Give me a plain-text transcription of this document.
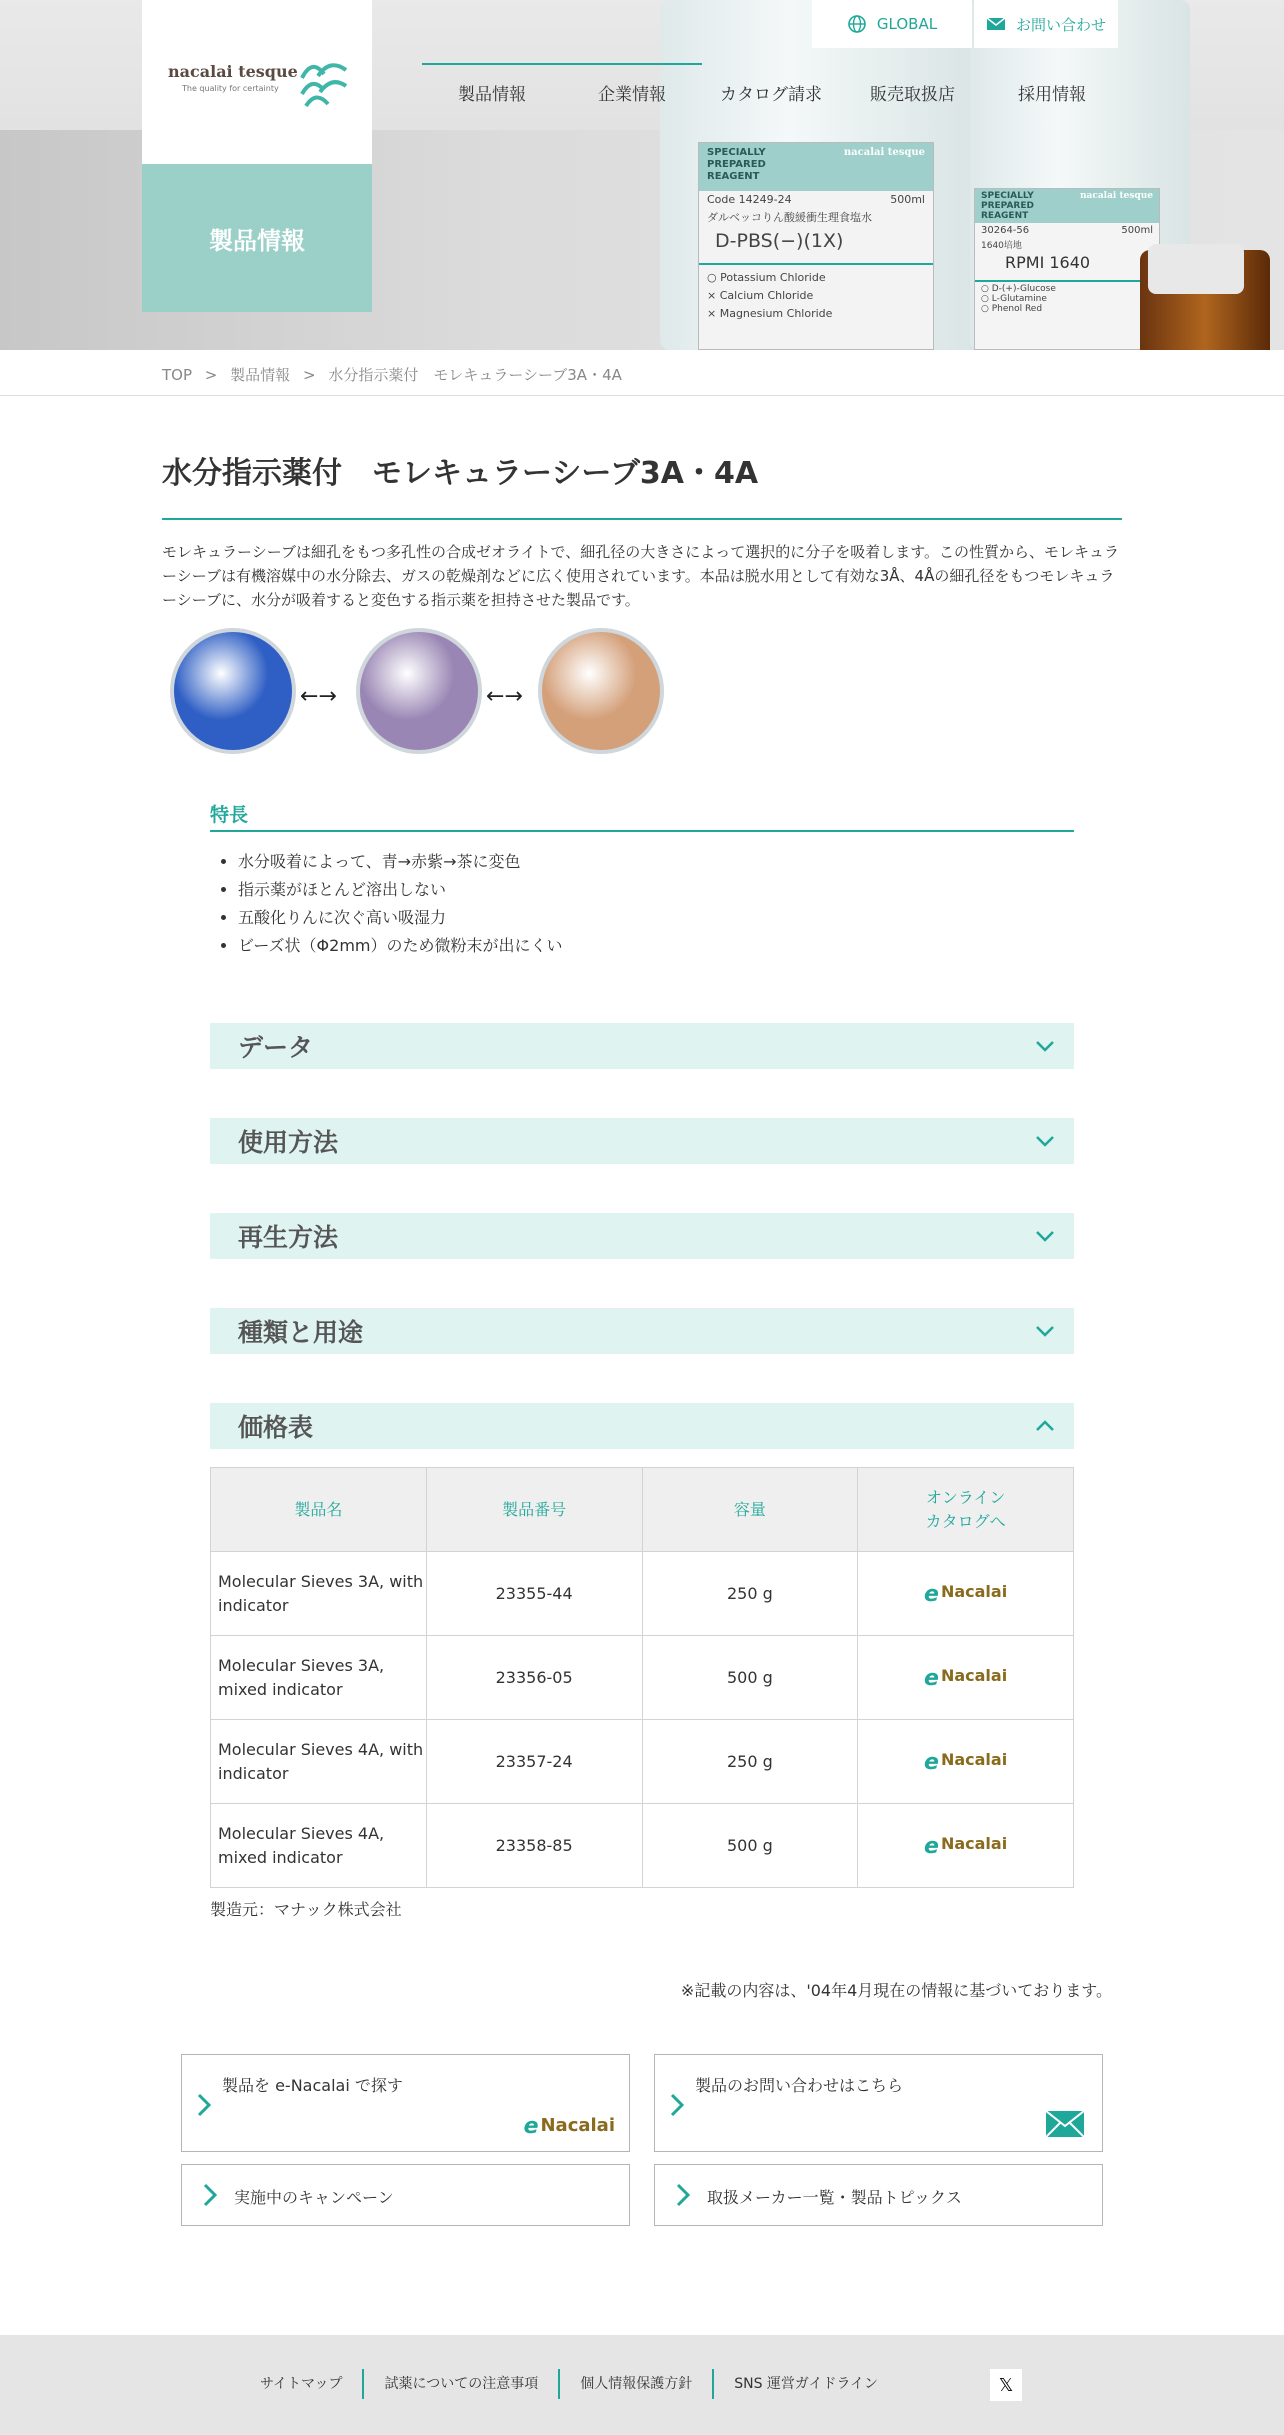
SPECIALLY
PREPARED
REAGENT
nacalai tesque
Code 14249-24	500ml
ダルベッコりん酸緩衝生理食塩水
D-PBS(−)(1X)
○ Potassium Chloride
× Calcium Chloride
× Magnesium Chloride
SPECIALLY
PREPARED
REAGENT
nacalai tesque
30264-56	500ml
1640培地
RPMI 1640
○ D-(+)-Glucose
○ L-Glutamine
○ Phenol Red
nacalai tesque
The quality for certainty
製品情報
GLOBAL	お問い合わせ
製品情報	企業情報	カタログ請求	販売取扱店	採用情報
TOP > 製品情報 > 水分指示薬付　モレキュラーシーブ3A・4A
水分指示薬付　モレキュラーシーブ3A・4A

モレキュラーシーブは細孔をもつ多孔性の合成ゼオライトで、細孔径の大きさによって選択的に分子を吸着します。この性質から、モレキュラーシーブは有機溶媒中の水分除去、ガスの乾燥剤などに広く使用されています。本品は脱水用として有効な3Å、4Åの細孔径をもつモレキュラーシーブに、水分が吸着すると変色する指示薬を担持させた製品です。

←→	←→
特長
• 水分吸着によって、青→赤紫→茶に変色
• 指示薬がほとんど溶出しない
• 五酸化りんに次ぐ高い吸湿力
• ビーズ状（Φ2mm）のため微粉末が出にくい
データ
使用方法
再生方法
種類と用途
価格表
製品名	製品番号	容量	オンライン
カタログへ
Molecular Sieves 3A, with indicator	23355-44	250 g	e Nacalai

Molecular Sieves 3A, mixed indicator	23356-05	500 g	e Nacalai

Molecular Sieves 4A, with indicator	23357-24	250 g	e Nacalai

Molecular Sieves 4A, mixed indicator	23358-85	500 g	e Nacalai

製造元：マナック株式会社

※記載の内容は、'04年4月現在の情報に基づいております。

製品を e-Nacalai で探す
e Nacalai
製品のお問い合わせはこちら
実施中のキャンペーン	取扱メーカー一覧・製品トピックス
サイトマップ	試薬についての注意事項	個人情報保護方針	SNS 運営ガイドライン	𝕏
